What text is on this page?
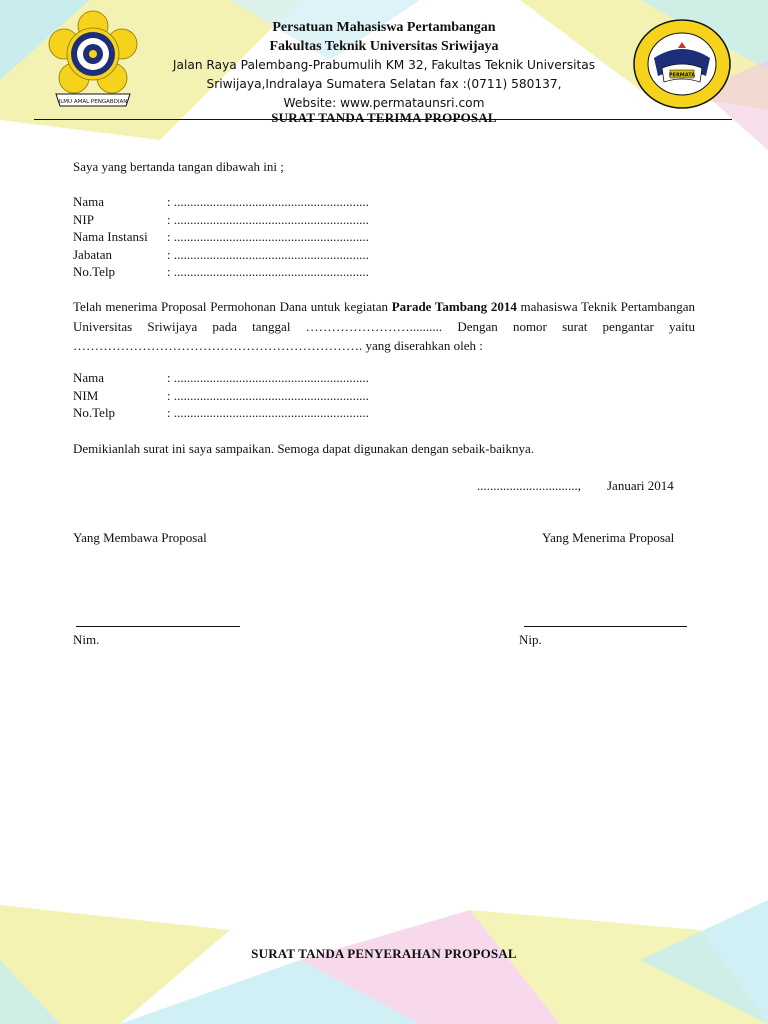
ILMU AMAL PENGABDIAN
PERMATA
Persatuan Mahasiswa Pertambangan
Fakultas Teknik Universitas Sriwijaya
Jalan Raya Palembang-Prabumulih KM 32, Fakultas Teknik Universitas
Sriwijaya,Indralaya Sumatera Selatan fax :(0711) 580137,
Website: www.permataunsri.com
SURAT TANDA TERIMA PROPOSAL
Saya yang bertanda tangan dibawah ini ;
Nama	: ............................................................
NIP	: ............................................................
Nama Instansi : ............................................................
Jabatan	: ............................................................
No.Telp	: ............................................................
Telah menerima Proposal Permohonan Dana untuk kegiatan Parade Tambang 2014 mahasiswa Teknik Pertambangan Universitas Sriwijaya pada tanggal …………………….......... Dengan nomor surat pengantar yaitu …………………………………………………………. yang diserahkan oleh :
Nama	: ............................................................
NIM	: ............................................................
No.Telp	: ............................................................
Demikianlah surat ini saya sampaikan. Semoga dapat digunakan dengan sebaik-baiknya.
..............................., Januari 2014
Yang Membawa Proposal	Yang Menerima Proposal
Nim.	Nip.
SURAT TANDA PENYERAHAN PROPOSAL
